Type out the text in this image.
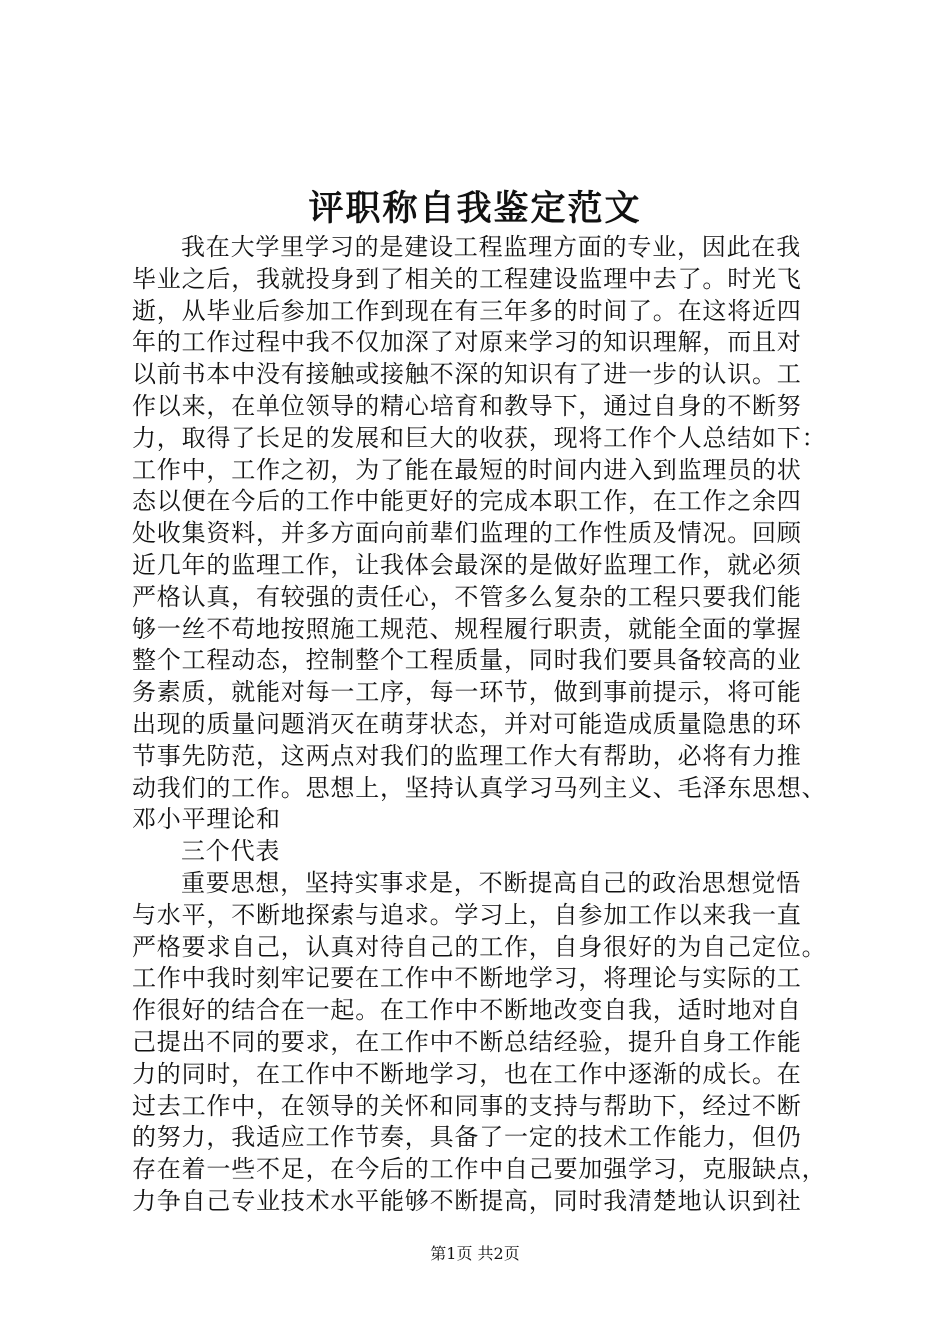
评职称自我鉴定范文
我在大学里学习的是建设工程监理方面的专业，因此在我
毕业之后，我就投身到了相关的工程建设监理中去了。时光飞
逝，从毕业后参加工作到现在有三年多的时间了。在这将近四
年的工作过程中我不仅加深了对原来学习的知识理解，而且对
以前书本中没有接触或接触不深的知识有了进一步的认识。工
作以来，在单位领导的精心培育和教导下，通过自身的不断努
力，取得了长足的发展和巨大的收获，现将工作个人总结如下：
工作中，工作之初，为了能在最短的时间内进入到监理员的状
态以便在今后的工作中能更好的完成本职工作，在工作之余四
处收集资料，并多方面向前辈们监理的工作性质及情况。回顾
近几年的监理工作，让我体会最深的是做好监理工作，就必须
严格认真，有较强的责任心，不管多么复杂的工程只要我们能
够一丝不苟地按照施工规范、规程履行职责，就能全面的掌握
整个工程动态，控制整个工程质量，同时我们要具备较高的业
务素质，就能对每一工序，每一环节，做到事前提示，将可能
出现的质量问题消灭在萌芽状态，并对可能造成质量隐患的环
节事先防范，这两点对我们的监理工作大有帮助，必将有力推
动我们的工作。思想上，坚持认真学习马列主义、毛泽东思想、
邓小平理论和
三个代表
重要思想，坚持实事求是，不断提高自己的政治思想觉悟
与水平，不断地探索与追求。学习上，自参加工作以来我一直
严格要求自己，认真对待自己的工作，自身很好的为自己定位。
工作中我时刻牢记要在工作中不断地学习，将理论与实际的工
作很好的结合在一起。在工作中不断地改变自我，适时地对自
己提出不同的要求，在工作中不断总结经验，提升自身工作能
力的同时，在工作中不断地学习，也在工作中逐渐的成长。在
过去工作中，在领导的关怀和同事的支持与帮助下，经过不断
的努力，我适应工作节奏，具备了一定的技术工作能力，但仍
存在着一些不足，在今后的工作中自己要加强学习，克服缺点，
力争自己专业技术水平能够不断提高，同时我清楚地认识到社
第1页 共2页
